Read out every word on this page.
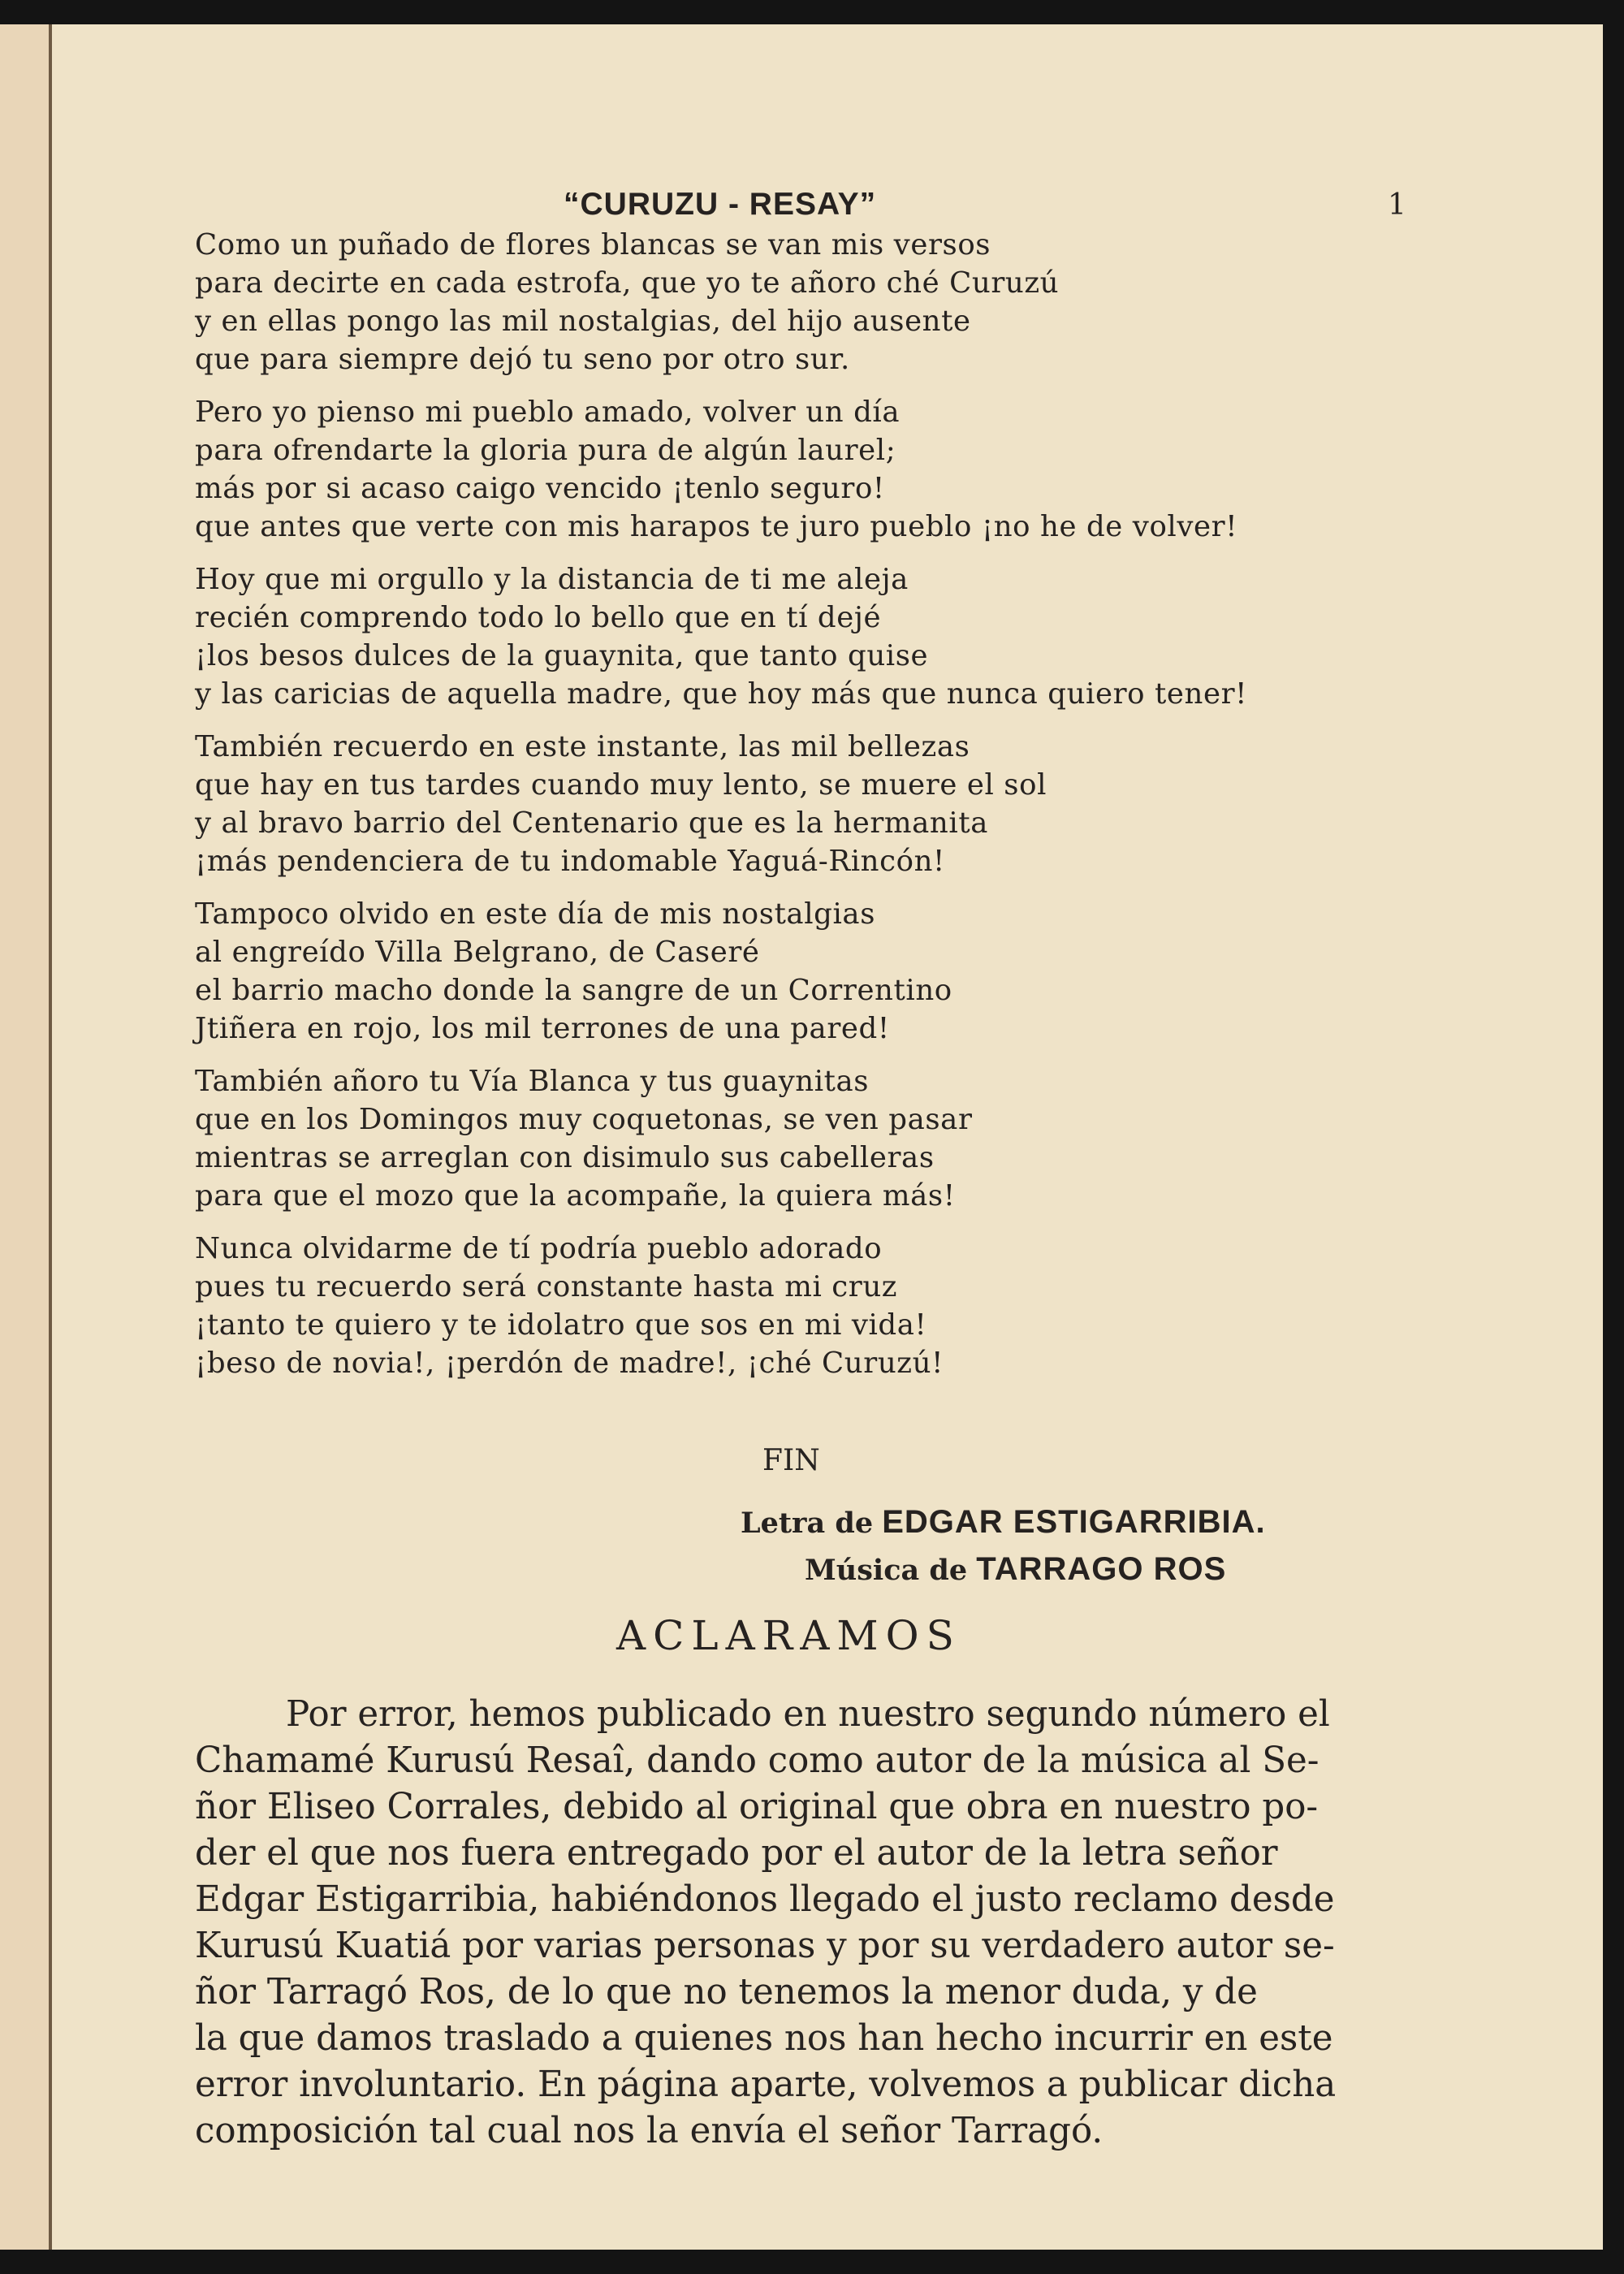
“CURUZU - RESAY”	1

Como un puñado de flores blancas se van mis versos
para decirte en cada estrofa, que yo te añoro ché Curuzú
y en ellas pongo las mil nostalgias, del hijo ausente
que para siempre dejó tu seno por otro sur.
Pero yo pienso mi pueblo amado, volver un día
para ofrendarte la gloria pura de algún laurel;
más por si acaso caigo vencido ¡tenlo seguro!
que antes que verte con mis harapos te juro pueblo ¡no he de volver!
Hoy que mi orgullo y la distancia de ti me aleja
recién comprendo todo lo bello que en tí dejé
¡los besos dulces de la guaynita, que tanto quise
y las caricias de aquella madre, que hoy más que nunca quiero tener!
También recuerdo en este instante, las mil bellezas
que hay en tus tardes cuando muy lento, se muere el sol
y al bravo barrio del Centenario que es la hermanita
¡más pendenciera de tu indomable Yaguá-Rincón!
Tampoco olvido en este día de mis nostalgias
al engreído Villa Belgrano, de Caseré
el barrio macho donde la sangre de un Correntino
Jtiñera en rojo, los mil terrones de una pared!
También añoro tu Vía Blanca y tus guaynitas
que en los Domingos muy coquetonas, se ven pasar
mientras se arreglan con disimulo sus cabelleras
para que el mozo que la acompañe, la quiera más!
Nunca olvidarme de tí podría pueblo adorado
pues tu recuerdo será constante hasta mi cruz
¡tanto te quiero y te idolatro que sos en mi vida!
¡beso de novia!, ¡perdón de madre!, ¡ché Curuzú!

FIN

Letra de EDGAR ESTIGARRIBIA.

Música de TARRAGO ROS

ACLARAMOS
Por error, hemos publicado en nuestro segundo número el
Chamamé Kurusú Resaî, dando como autor de la música al Se-
ñor Eliseo Corrales, debido al original que obra en nuestro po-
der el que nos fuera entregado por el autor de la letra señor
Edgar Estigarribia, habiéndonos llegado el justo reclamo desde
Kurusú Kuatiá por varias personas y por su verdadero autor se-
ñor Tarragó Ros, de lo que no tenemos la menor duda, y de
la que damos traslado a quienes nos han hecho incurrir en este
error involuntario. En página aparte, volvemos a publicar dicha
composición tal cual nos la envía el señor Tarragó.
